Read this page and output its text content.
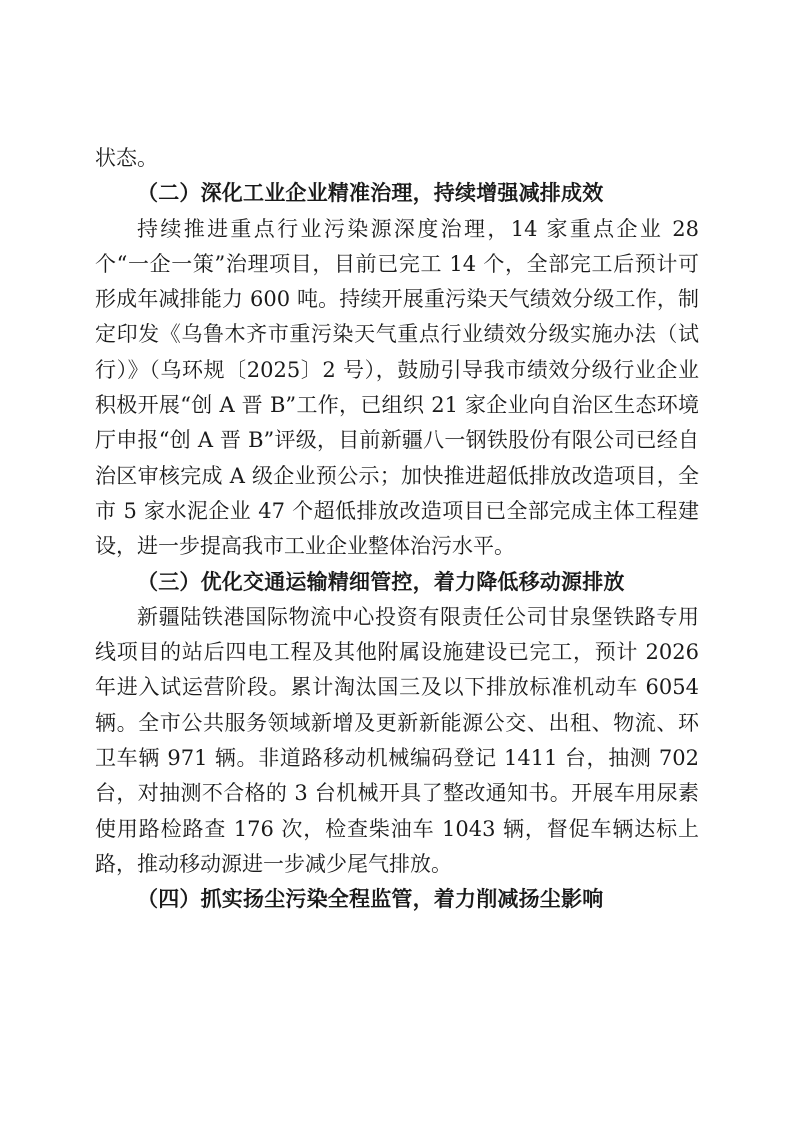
状态。

（二）深化工业企业精准治理，持续增强减排成效

持续推进重点行业污染源深度治理，14 家重点企业 28 个“一企一策”治理项目，目前已完工 14 个，全部完工后预计可形成年减排能力 600 吨。持续开展重污染天气绩效分级工作，制定印发《乌鲁木齐市重污染天气重点行业绩效分级实施办法（试行）》（乌环规〔2025〕2 号），鼓励引导我市绩效分级行业企业积极开展“创 A 晋 B”工作，已组织 21 家企业向自治区生态环境厅申报“创 A 晋 B”评级，目前新疆八一钢铁股份有限公司已经自治区审核完成 A 级企业预公示；加快推进超低排放改造项目，全市 5 家水泥企业 47 个超低排放改造项目已全部完成主体工程建设，进一步提高我市工业企业整体治污水平。

（三）优化交通运输精细管控，着力降低移动源排放

新疆陆铁港国际物流中心投资有限责任公司甘泉堡铁路专用线项目的站后四电工程及其他附属设施建设已完工，预计 2026 年进入试运营阶段。累计淘汰国三及以下排放标准机动车 6054 辆。全市公共服务领域新增及更新新能源公交、出租、物流、环卫车辆 971 辆。非道路移动机械编码登记 1411 台，抽测 702 台，对抽测不合格的 3 台机械开具了整改通知书。开展车用尿素使用路检路查 176 次，检查柴油车 1043 辆，督促车辆达标上路，推动移动源进一步减少尾气排放。

（四）抓实扬尘污染全程监管，着力削减扬尘影响
